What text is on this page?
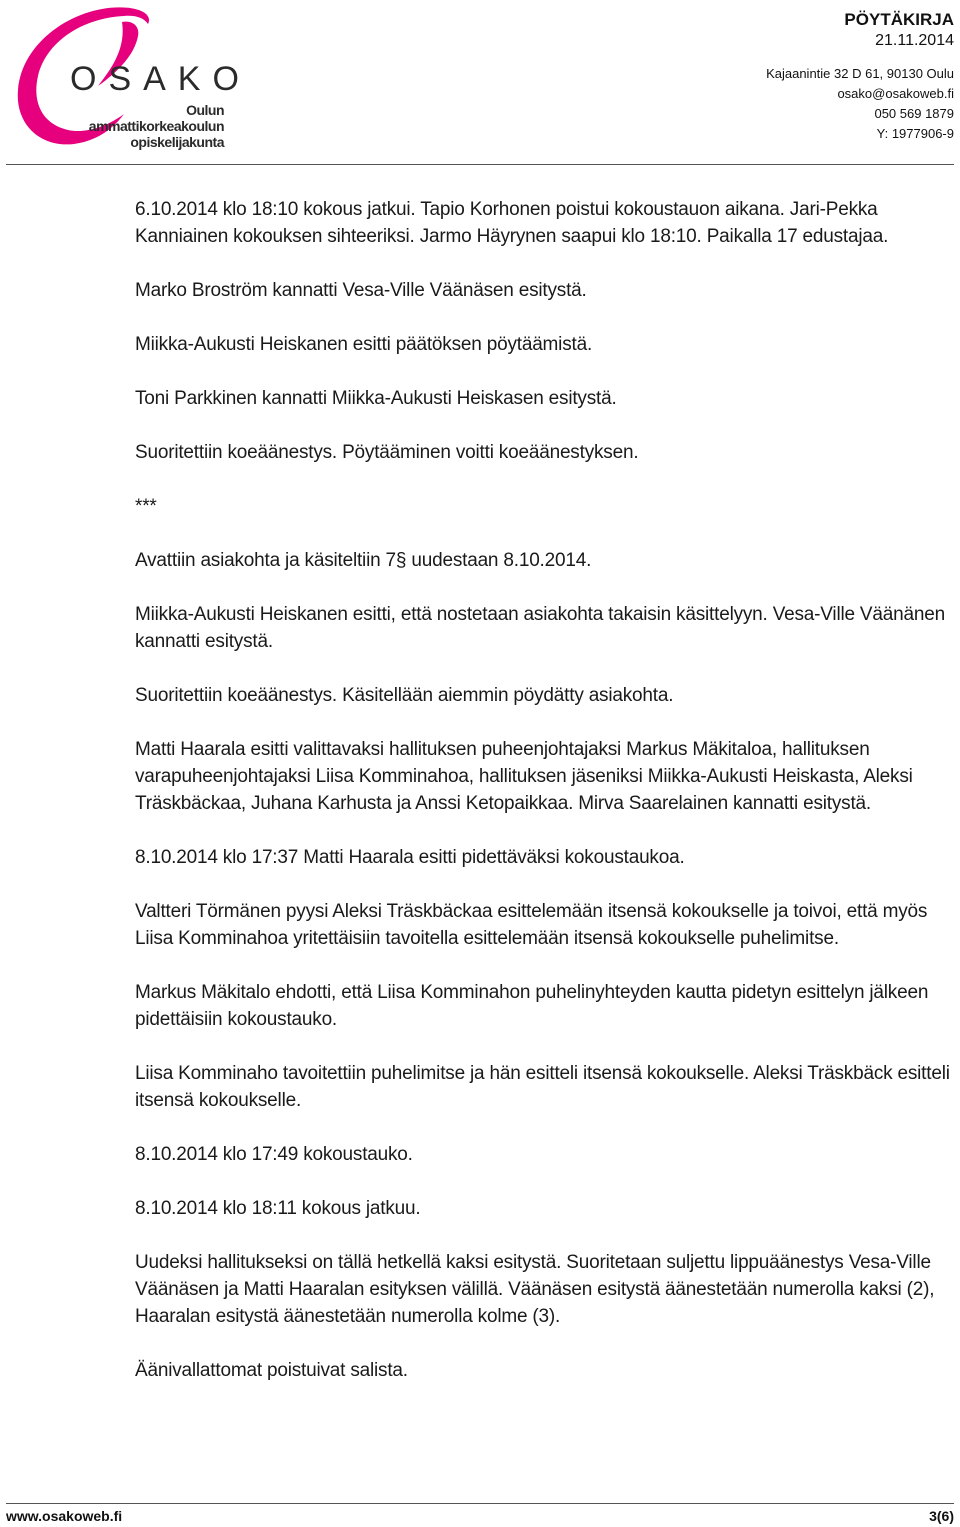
OSAKO
Oulun
ammattikorkeakoulun
opiskelijakunta
PÖYTÄKIRJA
21.11.2014
Kajaanintie 32 D 61, 90130 Oulu
osako@osakoweb.fi
050 569 1879
Y: 1977906-9

6.10.2014 klo 18:10 kokous jatkui. Tapio Korhonen poistui kokoustauon aikana. Jari-Pekka Kanniainen kokouksen sihteeriksi. Jarmo Häyrynen saapui klo 18:10. Paikalla 17 edustajaa.

Marko Broström kannatti Vesa-Ville Väänäsen esitystä.

Miikka-Aukusti Heiskanen esitti päätöksen pöytäämistä.

Toni Parkkinen kannatti Miikka-Aukusti Heiskasen esitystä.

Suoritettiin koeäänestys. Pöytääminen voitti koeäänestyksen.

***

Avattiin asiakohta ja käsiteltiin 7§ uudestaan 8.10.2014.

Miikka-Aukusti Heiskanen esitti, että nostetaan asiakohta takaisin käsittelyyn. Vesa-Ville Väänänen kannatti esitystä.

Suoritettiin koeäänestys. Käsitellään aiemmin pöydätty asiakohta.

Matti Haarala esitti valittavaksi hallituksen puheenjohtajaksi Markus Mäkitaloa, hallituksen varapuheenjohtajaksi Liisa Komminahoa, hallituksen jäseniksi Miikka-Aukusti Heiskasta, Aleksi Träskbäckaa, Juhana Karhusta ja Anssi Ketopaikkaa. Mirva Saarelainen kannatti esitystä.

8.10.2014 klo 17:37 Matti Haarala esitti pidettäväksi kokoustaukoa.

Valtteri Törmänen pyysi Aleksi Träskbäckaa esittelemään itsensä kokoukselle ja toivoi, että myös Liisa Komminahoa yritettäisiin tavoitella esittelemään itsensä kokoukselle puhelimitse.

Markus Mäkitalo ehdotti, että Liisa Komminahon puhelinyhteyden kautta pidetyn esittelyn jälkeen pidettäisiin kokoustauko.

Liisa Komminaho tavoitettiin puhelimitse ja hän esitteli itsensä kokoukselle. Aleksi Träskbäck esitteli itsensä kokoukselle.

8.10.2014 klo 17:49 kokoustauko.

8.10.2014 klo 18:11 kokous jatkuu.

Uudeksi hallitukseksi on tällä hetkellä kaksi esitystä. Suoritetaan suljettu lippuäänestys Vesa-Ville Väänäsen ja Matti Haaralan esityksen välillä. Väänäsen esitystä äänestetään numerolla kaksi (2), Haaralan esitystä äänestetään numerolla kolme (3).

Äänivallattomat poistuivat salista.

www.osakoweb.fi	3(6)
